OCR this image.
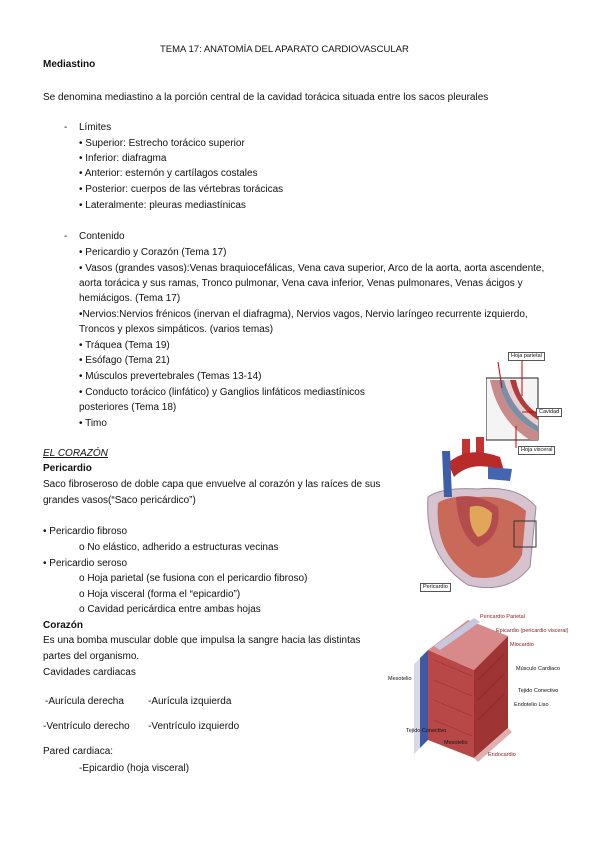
TEMA 17: ANATOMÍA DEL APARATO CARDIOVASCULAR
Mediastino
Se denomina mediastino a la porción central de la cavidad torácica situada entre los sacos pleurales
- Límites
• Superior: Estrecho torácico superior
• Inferior: diafragma
• Anterior: esternón y cartílagos costales
• Posterior: cuerpos de las vértebras torácicas
• Lateralmente: pleuras mediastínicas
- Contenido
• Pericardio y Corazón (Tema 17)
• Vasos (grandes vasos):Venas braquiocefálicas, Vena cava superior, Arco de la aorta, aorta ascendente,
aorta torácica y sus ramas, Tronco pulmonar, Vena cava inferior, Venas pulmonares, Venas ácigos y
hemiácigos. (Tema 17)
•Nervios:Nervios frénicos (inervan el diafragma), Nervios vagos, Nervio laríngeo recurrente izquierdo,
Troncos y plexos simpáticos. (varios temas)
• Tráquea (Tema 19)
• Esófago (Tema 21)
• Músculos prevertebrales (Temas 13-14)
• Conducto torácico (linfático) y Ganglios linfáticos mediastínicos
posteriores (Tema 18)
• Timo
EL CORAZÓN
Pericardio
Saco fibroseroso de doble capa que envuelve al corazón y las raíces de sus
grandes vasos(“Saco pericárdico”)
• Pericardio fibroso
o No elástico, adherido a estructuras vecinas
• Pericardio seroso
o Hoja parietal (se fusiona con el pericardio fibroso)
o Hoja visceral (forma el “epicardio”)
o Cavidad pericárdica entre ambas hojas
Corazón
Es una bomba muscular doble que impulsa la sangre hacia las distintas
partes del organismo.
Cavidades cardiacas
-Aurícula derecha -Aurícula izquierda
-Ventrículo derecho -Ventrículo izquierdo
Pared cardiaca:
-Epicardio (hoja visceral)
Hoja parietal
Cavidad
Hoja visceral
Pericardio
Pericardio Parietal
Epicardio (pericardio visceral)
Miocardio
Músculo Cardiaco
Tejido Conectivo
Endotelio Liso
Mesotelio
Tejido Conectivo
Mesotelio
Endocardio
